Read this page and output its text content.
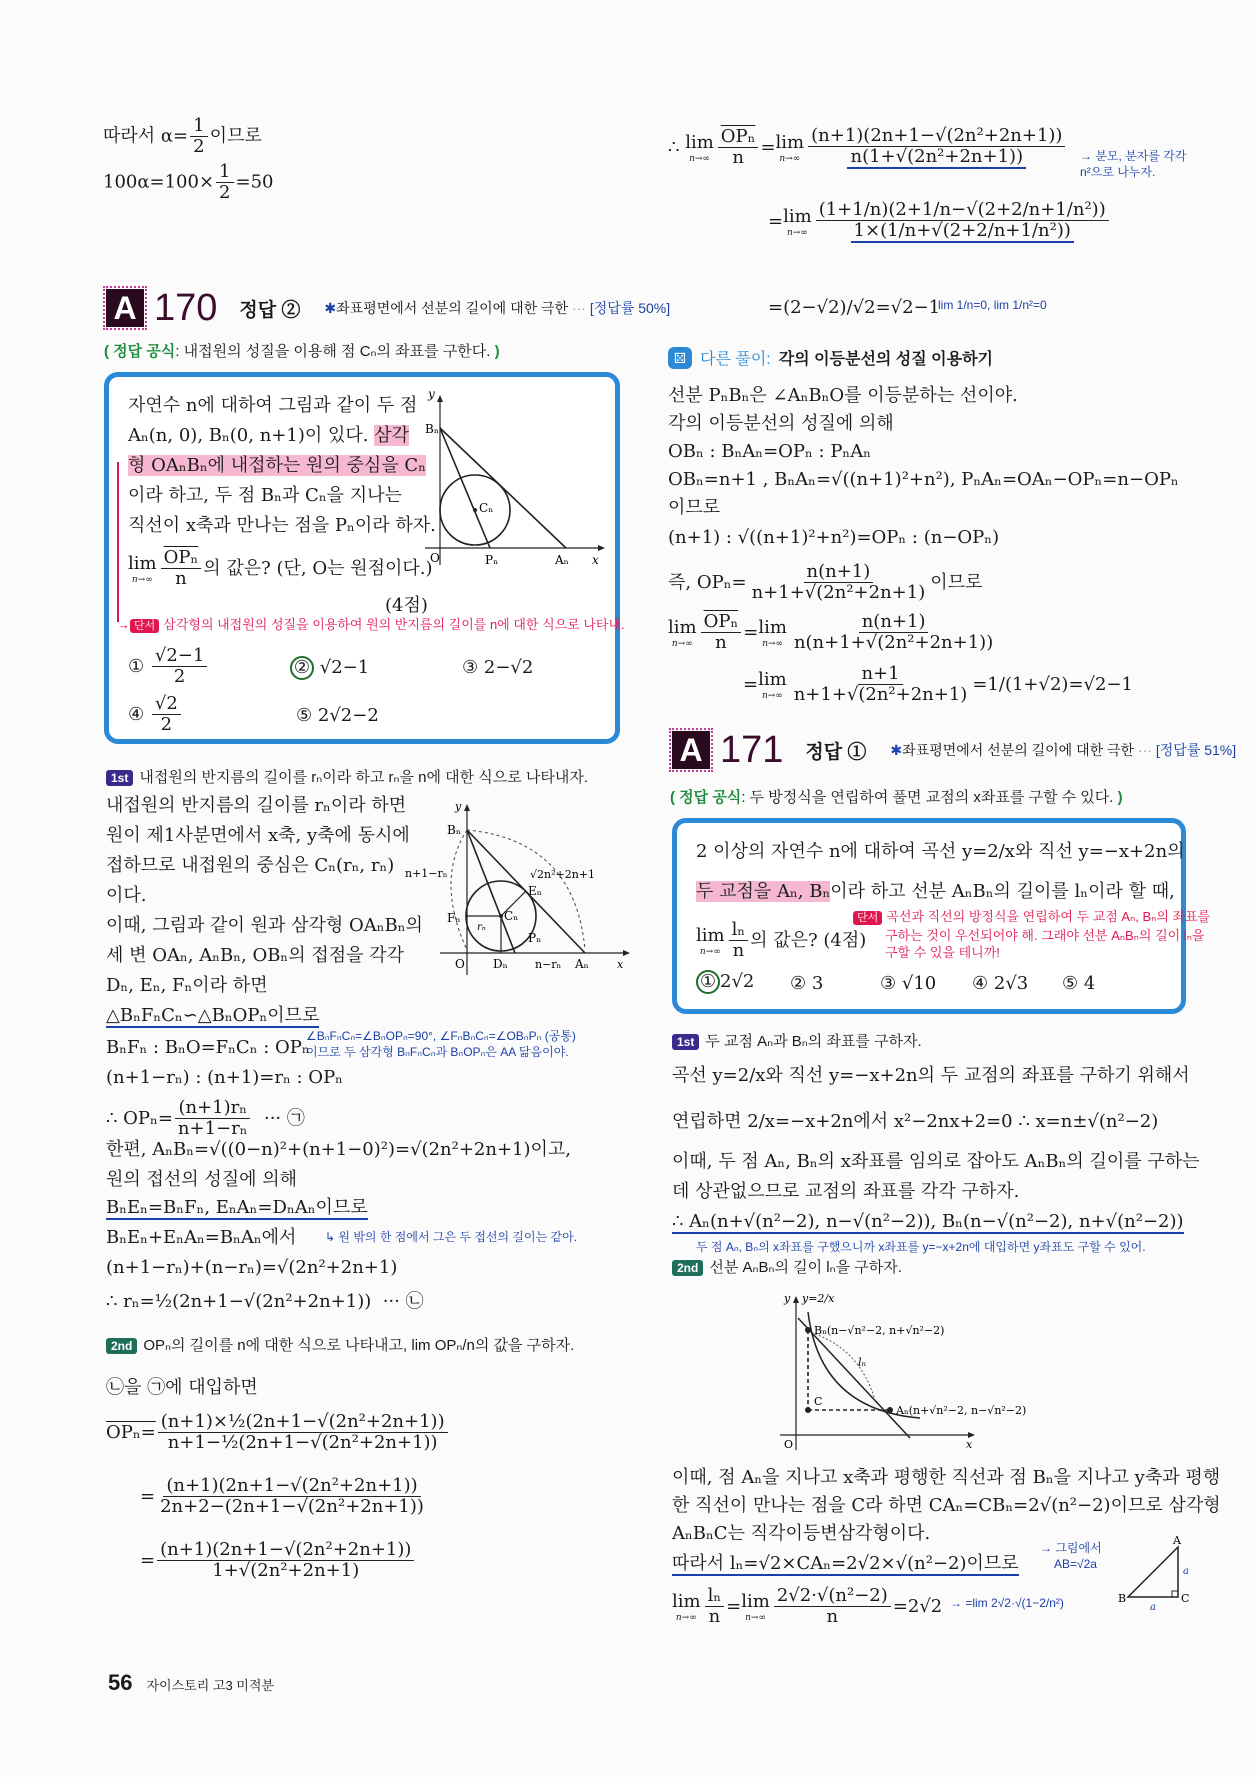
따라서 $\alpha= \frac{1}{2}$ 이므로
$100\alpha=100\times \frac{1}{2} =50$
A 170 정답 ② ✱좌표평면에서 선분의 길이에 대한 극한 ··· [정답률 50%]
( 정답 공식: 내접원의 성질을 이용해 점 Cₙ의 좌표를 구한다. )
자연수 n에 대하여 그림과 같이 두 점
Aₙ(n, 0), Bₙ(0, n+1)이 있다. 삼각
형 OAₙBₙ에 내접하는 원의 중심을 Cₙ
이라 하고, 두 점 Bₙ과 Cₙ을 지나는
직선이 x축과 만나는 점을 Pₙ이라 하자.
lim
$n\to\infty \frac{\overline{OP_n}}{n}$ 의 값은? (단, O는 원점이다.)
(4점)
→ 단서 삼각형의 내접원의 성질을 이용하여 원의 반지름의 길이를 n에 대한 식으로 나타내.
y
Bₙ
Cₙ
O	Pₙ	Aₙ x
①
$\frac{√2-1}{2}$	② √2−1	③ 2−√2
④
$\frac{√2}{2}$	⑤ 2√2−2
1st 내접원의 반지름의 길이를 rₙ이라 하고 rₙ을 n에 대한 식으로 나타내자.
내접원의 반지름의 길이를 rₙ이라 하면
원이 제1사분면에서 x축, y축에 동시에
접하므로 내접원의 중심은 Cₙ(rₙ, rₙ)
이다.
이때, 그림과 같이 원과 삼각형 OAₙBₙ의
세 변 OAₙ, AₙBₙ, OBₙ의 접점을 각각
Dₙ, Eₙ, Fₙ이라 하면
y
Bₙ
n+1−rₙ	√2n²+2n+1
Eₙ
Fₙ	Cₙ
rₙ
Pₙ
O Dₙ n−rₙ Aₙ	x
△BₙFₙCₙ∽△BₙOPₙ이므로
∠BₙFₙCₙ=∠BₙOPₙ=90°, ∠FₙBₙCₙ=∠OBₙPₙ (공통)
BₙFₙ : BₙO=FₙCₙ : OPₙ
이므로 두 삼각형 BₙFₙCₙ과 BₙOPₙ은 AA 닮음이야.
(n+1−rₙ) : (n+1)=rₙ : OPₙ
∴ $OP_n= \frac{\text{(n+1)rₙ}}{\text{n+1−rₙ}}$
··· ㉠
한편, AₙBₙ=√((0−n)²+(n+1−0)²)=√(2n²+2n+1)이고,
원의 접선의 성질에 의해
BₙEₙ=BₙFₙ, EₙAₙ=DₙAₙ이므로
↳ 원 밖의 한 점에서 그은 두 접선의 길이는 같아.
BₙEₙ+EₙAₙ=BₙAₙ에서
(n+1−rₙ)+(n−rₙ)=√(2n²+2n+1)
∴ rₙ=½(2n+1−√(2n²+2n+1)) ··· ㉡
2nd OPₙ의 길이를 n에 대한 식으로 나타내고, lim OPₙ/n의 값을 구하자.
㉡을 ㉠에 대입하면
$OP_n= \frac{\text{(n+1)×½(2n+1−√(2n²+2n+1))}}{\text{n+1−½(2n+1−√(2n²+2n+1))}}$
= $\frac{\text{(n+1)(2n+1−√(2n²+2n+1))}}{\text{2n+2−(2n+1−√(2n²+2n+1))}}$
= $\frac{\text{(n+1)(2n+1−√(2n²+2n+1))}}{\text{1+√(2n²+2n+1)}}$
56 자이스토리 고3 미적분
∴ lim
$n\to\infty \frac{\overline{OP_n}}{n} = \lim$
$n\to\infty \frac{\text{(n+1)(2n+1−√(2n²+2n+1))}}{\text{n(1+√(2n²+2n+1))}}$ → 분모, 분자를 각각 n²으로 나누자.
= lim
$n\to\infty \frac{\text{(1+1/n)(2+1/n−√(2+2/n+1/n²))}}{\text{1×(1/n+√(2+2/n+1/n²))}}$
=(2−√2)/√2=√2−1
lim 1/n=0, lim 1/n²=0
⚄ 다른 풀이: 각의 이등분선의 성질 이용하기
선분 PₙBₙ은 ∠AₙBₙO를 이등분하는 선이야.
각의 이등분선의 성질에 의해
OBₙ : BₙAₙ=OPₙ : PₙAₙ
OBₙ=n+1 , BₙAₙ=√((n+1)²+n²), PₙAₙ=OAₙ−OPₙ=n−OPₙ
이므로
(n+1) : √((n+1)²+n²)=OPₙ : (n−OPₙ)
즉, $OP_n= \frac{n(n+1)}{\text{n+1+√(2n²+2n+1)}}$ 이므로
lim
$n\to\infty \frac{\overline{OP_n}}{n} = \lim$
$n\to\infty \frac{n(n+1)}{\text{n(n+1+√(2n²+2n+1))}}$
= lim
$n\to\infty \frac{n+1}{\text{n+1+√(2n²+2n+1)}} =1/(1+√2)=√2-1$
A 171 정답 ① ✱좌표평면에서 선분의 길이에 대한 극한 ··· [정답률 51%]
( 정답 공식: 두 방정식을 연립하여 풀면 교점의 x좌표를 구할 수 있다. )
2 이상의 자연수 n에 대하여 곡선 y=2/x와 직선 y=−x+2n의
두 교점을 Aₙ, Bₙ이라 하고 선분 AₙBₙ의 길이를 lₙ이라 할 때,
lim
$n\to\infty \frac{\text{lₙ}}{n}$ 의 값은? (4점)
단서 곡선과 직선의 방정식을 연립하여 두 교점 Aₙ, Bₙ의 좌표를
구하는 것이 우선되어야 해. 그래야 선분 AₙBₙ의 길이 lₙ을
구할 수 있을 테니까!
① 2√2 ② 3	③ √10 ④ 2√3 ⑤ 4
1st 두 교점 Aₙ과 Bₙ의 좌표를 구하자.
곡선 y=2/x와 직선 y=−x+2n의 두 교점의 좌표를 구하기 위해서
연립하면 2/x=−x+2n에서 x²−2nx+2=0 ∴ x=n±√(n²−2)
이때, 두 점 Aₙ, Bₙ의 x좌표를 임의로 잡아도 AₙBₙ의 길이를 구하는
데 상관없으므로 교점의 좌표를 각각 구하자.
∴ Aₙ(n+√(n²−2), n−√(n²−2)), Bₙ(n−√(n²−2), n+√(n²−2))
두 점 Aₙ, Bₙ의 x좌표를 구했으니까 x좌표를 y=−x+2n에 대입하면 y좌표도 구할 수 있어.
2nd 선분 AₙBₙ의 길이 lₙ을 구하자.
y y=2/x
Bₙ(n−√n²−2, n+√n²−2)
lₙ
C
Aₙ(n+√n²−2, n−√n²−2)
O	x
이때, 점 Aₙ을 지나고 x축과 평행한 직선과 점 Bₙ을 지나고 y축과 평행
한 직선이 만나는 점을 C라 하면 CAₙ=CBₙ=2√(n²−2)이므로 삼각형
AₙBₙC는 직각이등변삼각형이다.
따라서 lₙ=√2×CAₙ=2√2×√(n²−2)이므로
→ 그림에서
AB=√2a
A
B	C
a
a
lim
$n\to\infty \frac{\text{lₙ}}{n} = \lim$
$n\to\infty \frac{\text{2√2·√(n²−2)}}{n} =2√2 \to =\lim$ 2√2·√(1−2/n²)
